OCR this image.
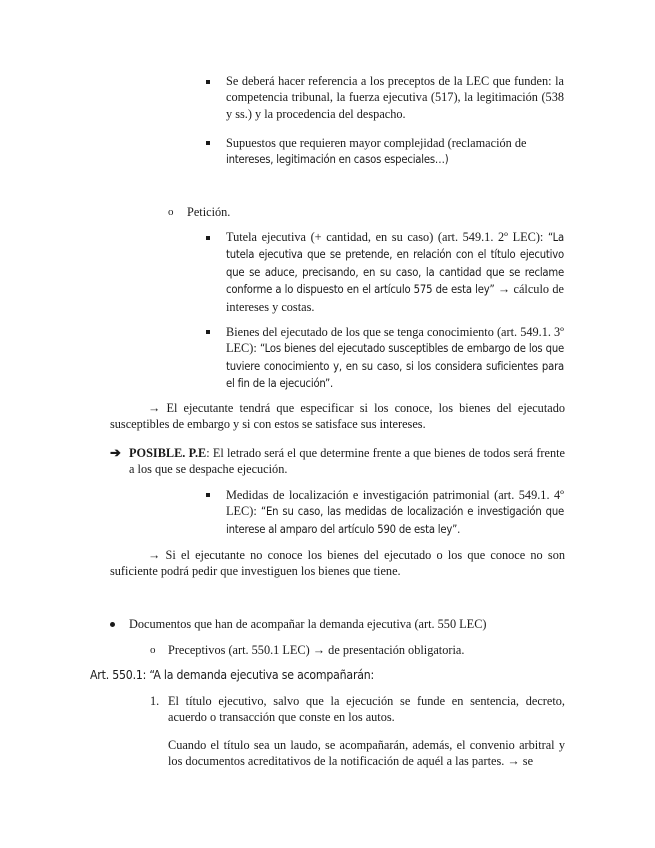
Se deberá hacer referencia a los preceptos de la LEC que funden: la competencia tribunal, la fuerza ejecutiva (517), la legitimación (538 y ss.) y la procedencia del despacho.
Supuestos que requieren mayor complejidad (reclamación de intereses, legitimación en casos especiales…)
o Petición.
Tutela ejecutiva (+ cantidad, en su caso) (art. 549.1. 2º LEC): “La tutela ejecutiva que se pretende, en relación con el título ejecutivo que se aduce, precisando, en su caso, la cantidad que se reclame conforme a lo dispuesto en el artículo 575 de esta ley” → cálculo de intereses y costas.
Bienes del ejecutado de los que se tenga conocimiento (art. 549.1. 3º LEC): “Los bienes del ejecutado susceptibles de embargo de los que tuviere conocimiento y, en su caso, si los considera suficientes para el fin de la ejecución”.
→ El ejecutante tendrá que especificar si los conoce, los bienes del ejecutado susceptibles de embargo y si con estos se satisface sus intereses.
➔ POSIBLE. P.E: El letrado será el que determine frente a que bienes de todos será frente a los que se despache ejecución.
Medidas de localización e investigación patrimonial (art. 549.1. 4º LEC): “En su caso, las medidas de localización e investigación que interese al amparo del artículo 590 de esta ley”.
→ Si el ejecutante no conoce los bienes del ejecutado o los que conoce no son suficiente podrá pedir que investiguen los bienes que tiene.
Documentos que han de acompañar la demanda ejecutiva (art. 550 LEC)
o Preceptivos (art. 550.1 LEC) → de presentación obligatoria.
Art. 550.1: “A la demanda ejecutiva se acompañarán:
1. El título ejecutivo, salvo que la ejecución se funde en sentencia, decreto, acuerdo o transacción que conste en los autos.
Cuando el título sea un laudo, se acompañarán, además, el convenio arbitral y los documentos acreditativos de la notificación de aquél a las partes. → se
